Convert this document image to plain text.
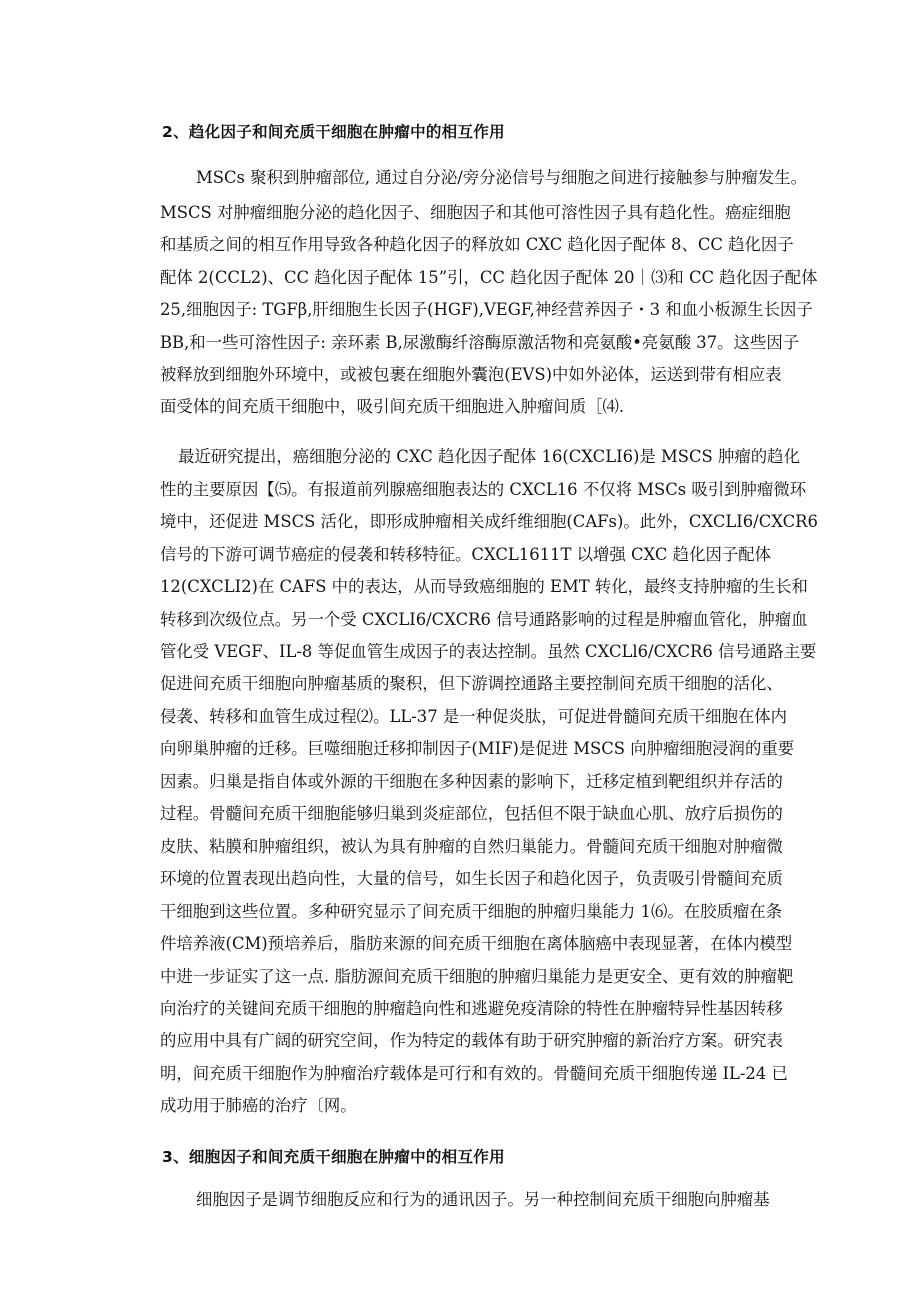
2、趋化因子和间充质干细胞在肿瘤中的相互作用
MSCs 聚积到肿瘤部位, 通过自分泌/旁分泌信号与细胞之间进行接触参与肿瘤发生。
MSCS 对肿瘤细胞分泌的趋化因子、细胞因子和其他可溶性因子具有趋化性。癌症细胞
和基质之间的相互作用导致各种趋化因子的释放如 CXC 趋化因子配体 8、CC 趋化因子
配体 2(CCL2)、CC 趋化因子配体 15”引，CC 趋化因子配体 20｜⑶和 CC 趋化因子配体
25,细胞因子: TGFβ,肝细胞生长因子(HGF),VEGF,神经营养因子・3 和血小板源生长因子
BB,和一些可溶性因子: 亲环素 B,尿激酶纤溶酶原激活物和亮氨酸•亮氨酸 37。这些因子
被释放到细胞外环境中，或被包裹在细胞外囊泡(EVS)中如外泌体，运送到带有相应表
面受体的间充质干细胞中，吸引间充质干细胞进入肿瘤间质［⑷.
最近研究提出，癌细胞分泌的 CXC 趋化因子配体 16(CXCLI6)是 MSCS 肿瘤的趋化
性的主要原因【⑸。有报道前列腺癌细胞表达的 CXCL16 不仅将 MSCs 吸引到肿瘤微环
境中，还促进 MSCS 活化，即形成肿瘤相关成纤维细胞(CAFs)。此外，CXCLI6/CXCR6
信号的下游可调节癌症的侵袭和转移特征。CXCL1611T 以增强 CXC 趋化因子配体
12(CXCLI2)在 CAFS 中的表达，从而导致癌细胞的 EMT 转化，最终支持肿瘤的生长和
转移到次级位点。另一个受 CXCLI6/CXCR6 信号通路影响的过程是肿瘤血管化，肿瘤血
管化受 VEGF、IL-8 等促血管生成因子的表达控制。虽然 CXCLl6/CXCR6 信号通路主要
促进间充质干细胞向肿瘤基质的聚积，但下游调控通路主要控制间充质干细胞的活化、
侵袭、转移和血管生成过程⑵。LL-37 是一种促炎肽，可促进骨髓间充质干细胞在体内
向卵巢肿瘤的迁移。巨噬细胞迁移抑制因子(MIF)是促进 MSCS 向肿瘤细胞浸润的重要
因素。归巢是指自体或外源的干细胞在多种因素的影响下，迁移定植到靶组织并存活的
过程。骨髓间充质干细胞能够归巢到炎症部位，包括但不限于缺血心肌、放疗后损伤的
皮肤、粘膜和肿瘤组织，被认为具有肿瘤的自然归巢能力。骨髓间充质干细胞对肿瘤微
环境的位置表现出趋向性，大量的信号，如生长因子和趋化因子，负责吸引骨髓间充质
干细胞到这些位置。多种研究显示了间充质干细胞的肿瘤归巢能力 1⑹。在胶质瘤在条
件培养液(CM)预培养后，脂肪来源的间充质干细胞在离体脑癌中表现显著，在体内模型
中进一步证实了这一点. 脂肪源间充质干细胞的肿瘤归巢能力是更安全、更有效的肿瘤靶
向治疗的关键间充质干细胞的肿瘤趋向性和逃避免疫清除的特性在肿瘤特异性基因转移
的应用中具有广阔的研究空间，作为特定的载体有助于研究肿瘤的新治疗方案。研究表
明，间充质干细胞作为肿瘤治疗载体是可行和有效的。骨髓间充质干细胞传递 IL-24 已
成功用于肺癌的治疗〔网。
3、细胞因子和间充质干细胞在肿瘤中的相互作用
细胞因子是调节细胞反应和行为的通讯因子。另一种控制间充质干细胞向肿瘤基
